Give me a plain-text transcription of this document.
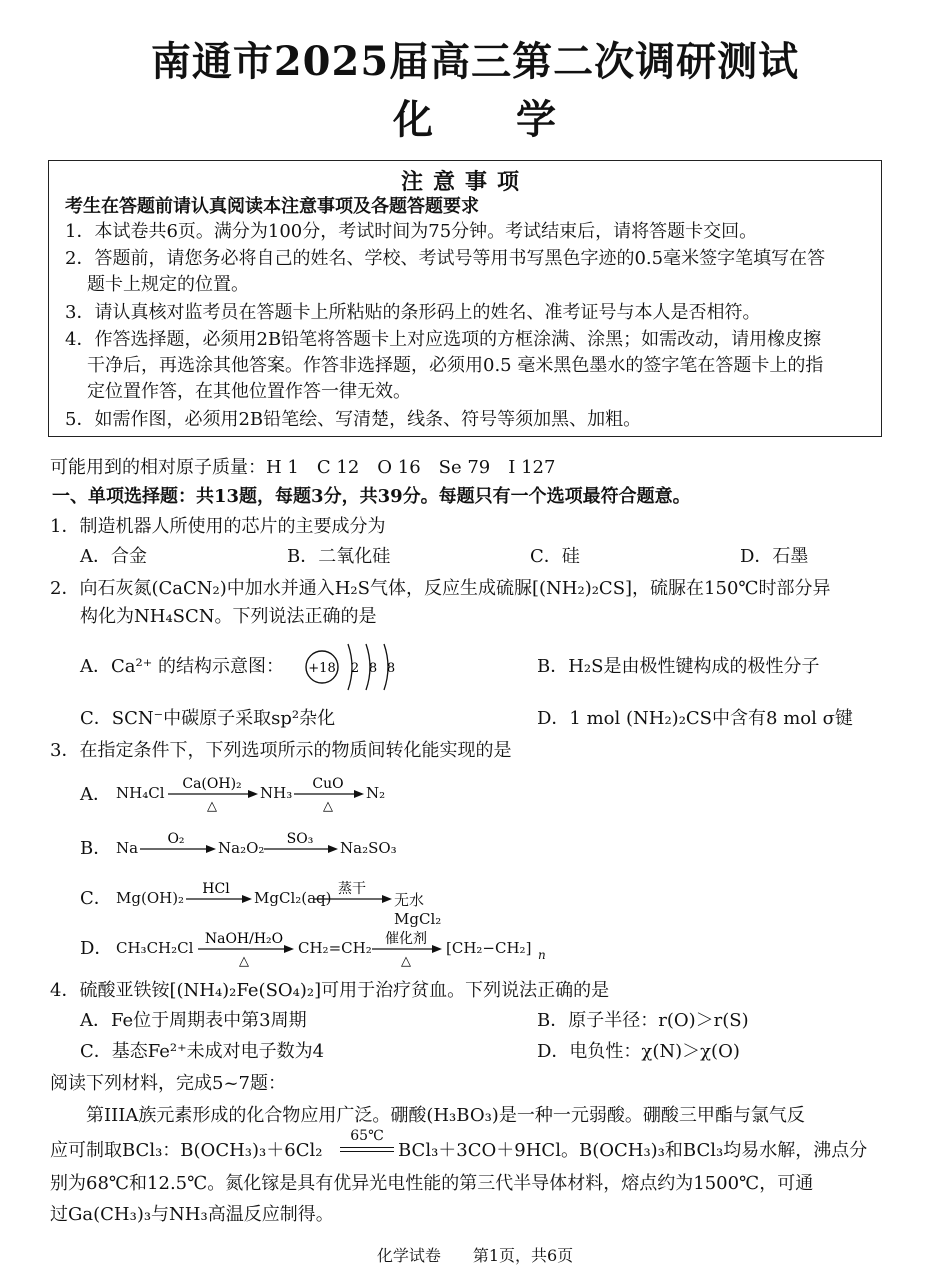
南通市2025届高三第二次调研测试
化　　学
注意事项
考生在答题前请认真阅读本注意事项及各题答题要求
1．本试卷共6页。满分为100分，考试时间为75分钟。考试结束后，请将答题卡交回。
2．答题前，请您务必将自己的姓名、学校、考试号等用书写黑色字迹的0.5毫米签字笔填写在答
题卡上规定的位置。
3．请认真核对监考员在答题卡上所粘贴的条形码上的姓名、准考证号与本人是否相符。
4．作答选择题，必须用2B铅笔将答题卡上对应选项的方框涂满、涂黑；如需改动，请用橡皮擦
干净后，再选涂其他答案。作答非选择题，必须用0.5 毫米黑色墨水的签字笔在答题卡上的指
定位置作答，在其他位置作答一律无效。
5．如需作图，必须用2B铅笔绘、写清楚，线条、符号等须加黑、加粗。
可能用到的相对原子质量：H 1　C 12　O 16　Se 79　I 127
一、单项选择题：共13题，每题3分，共39分。每题只有一个选项最符合题意。
1．制造机器人所使用的芯片的主要成分为
A．合金	B．二氧化硅	C．硅	D．石墨
2．向石灰氮(CaCN₂)中加水并通入H₂S气体，反应生成硫脲[(NH₂)₂CS]，硫脲在150℃时部分异
构化为NH₄SCN。下列说法正确的是
A．Ca²⁺ 的结构示意图： +18 2 8 8	B．H₂S是由极性键构成的极性分子
C．SCN⁻中碳原子采取sp²杂化	D．1 mol (NH₂)₂CS中含有8 mol σ键
3．在指定条件下，下列选项所示的物质间转化能实现的是
A． NH₄Cl Ca(OH)₂
△
NH₃ CuO
△
N₂
B． Na O₂ Na₂O₂ SO₃ Na₂SO₃
C． Mg(OH)₂ HCl MgCl₂(aq) 蒸干
无水MgCl₂
D． CH₃CH₂Cl NaOH/H₂O
△
CH₂=CH₂ 催化剂
△
[CH₂−CH₂] n
4．硫酸亚铁铵[(NH₄)₂Fe(SO₄)₂]可用于治疗贫血。下列说法正确的是
A．Fe位于周期表中第3周期	B．原子半径：r(O)＞r(S)
C．基态Fe²⁺未成对电子数为4	D．电负性：χ(N)＞χ(O)
阅读下列材料，完成5~7题：
第IIIA族元素形成的化合物应用广泛。硼酸(H₃BO₃)是一种一元弱酸。硼酸三甲酯与氯气反
应可制取BCl₃：B(OCH₃)₃＋6Cl₂
65℃
BCl₃＋3CO＋9HCl。B(OCH₃)₃和BCl₃均易水解，沸点分
别为68℃和12.5℃。氮化镓是具有优异光电性能的第三代半导体材料，熔点约为1500℃，可通
过Ga(CH₃)₃与NH₃高温反应制得。
化学试卷　　第1页，共6页
